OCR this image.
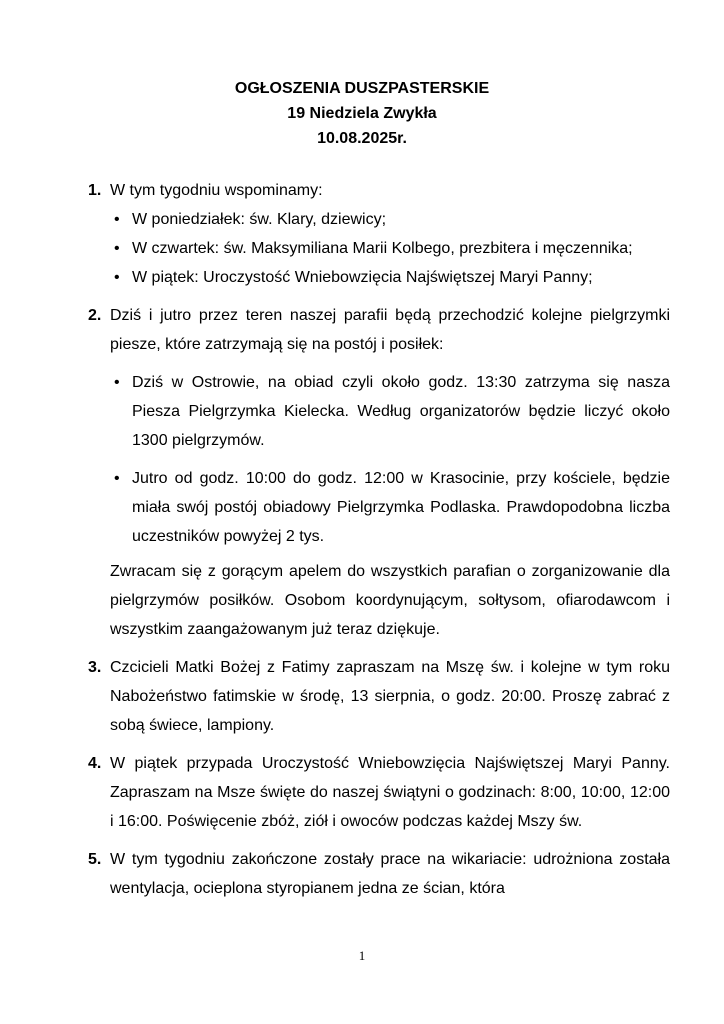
OGŁOSZENIA DUSZPASTERSKIE
19 Niedziela Zwykła
10.08.2025r.
1. W tym tygodniu wspominamy:
• W poniedziałek: św. Klary, dziewicy;
• W czwartek: św. Maksymiliana Marii Kolbego, prezbitera i męczennika;
• W piątek: Uroczystość Wniebowzięcia Najświętszej Maryi Panny;
2. Dziś i jutro przez teren naszej parafii będą przechodzić kolejne pielgrzymki piesze, które zatrzymają się na postój i posiłek:
• Dziś w Ostrowie, na obiad czyli około godz. 13:30 zatrzyma się nasza Piesza Pielgrzymka Kielecka. Według organizatorów będzie liczyć około 1300 pielgrzymów.
• Jutro od godz. 10:00 do godz. 12:00 w Krasocinie, przy kościele, będzie miała swój postój obiadowy Pielgrzymka Podlaska. Prawdopodobna liczba uczestników powyżej 2 tys.
Zwracam się z gorącym apelem do wszystkich parafian o zorganizowanie dla pielgrzymów posiłków. Osobom koordynującym, sołtysom, ofiarodawcom i wszystkim zaangażowanym już teraz dziękuje.
3. Czcicieli Matki Bożej z Fatimy zapraszam na Mszę św. i kolejne w tym roku Nabożeństwo fatimskie w środę, 13 sierpnia, o godz. 20:00. Proszę zabrać z sobą świece, lampiony.
4. W piątek przypada Uroczystość Wniebowzięcia Najświętszej Maryi Panny. Zapraszam na Msze święte do naszej świątyni o godzinach: 8:00, 10:00, 12:00 i 16:00. Poświęcenie zbóż, ziół i owoców podczas każdej Mszy św.
5. W tym tygodniu zakończone zostały prace na wikariacie: udrożniona została wentylacja, ocieplona styropianem jedna ze ścian, która
1
